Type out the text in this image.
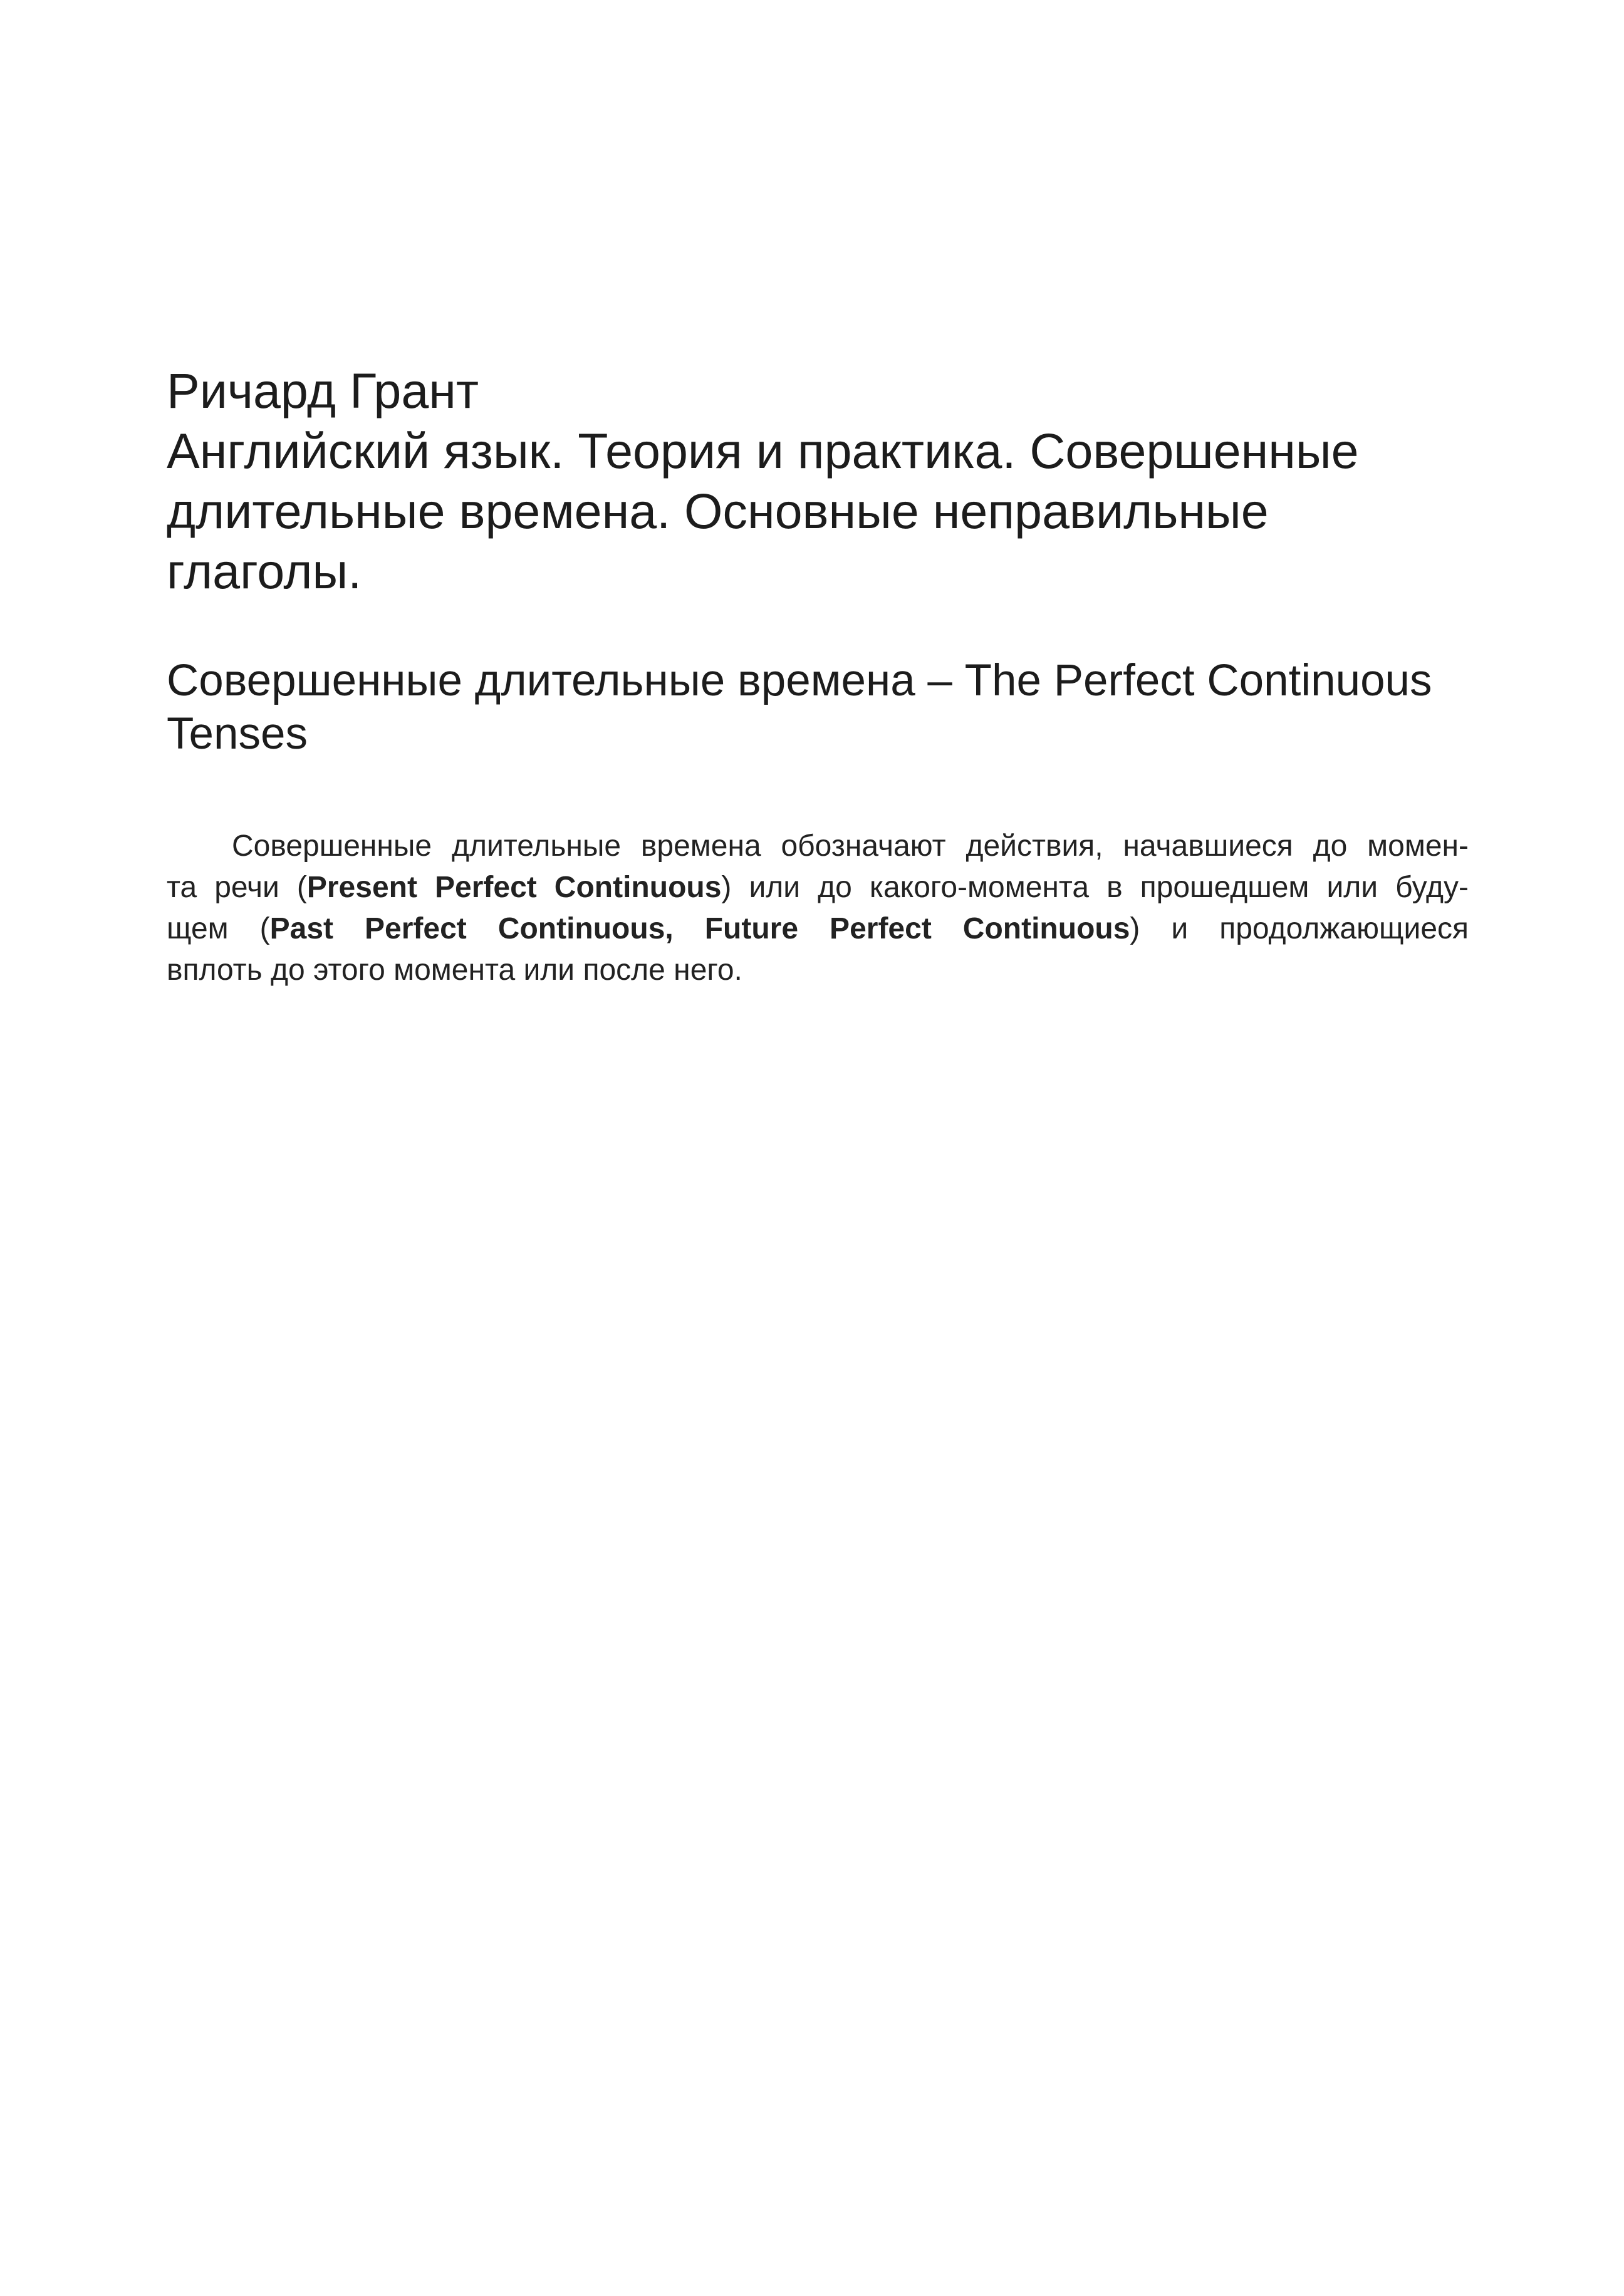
Ричард Грант
Английский язык. Теория и практика. Совершенные
длительные времена. Основные неправильные
глаголы.
Совершенные длительные времена – The Perfect Continuous
Tenses

Совершенные длительные времена обозначают действия, начавшиеся до момен-
та речи (Present Perfect Continuous) или до какого-момента в прошедшем или буду-
щем (Past Perfect Continuous, Future Perfect Continuous) и продолжающиеся
вплоть до этого момента или после него.
